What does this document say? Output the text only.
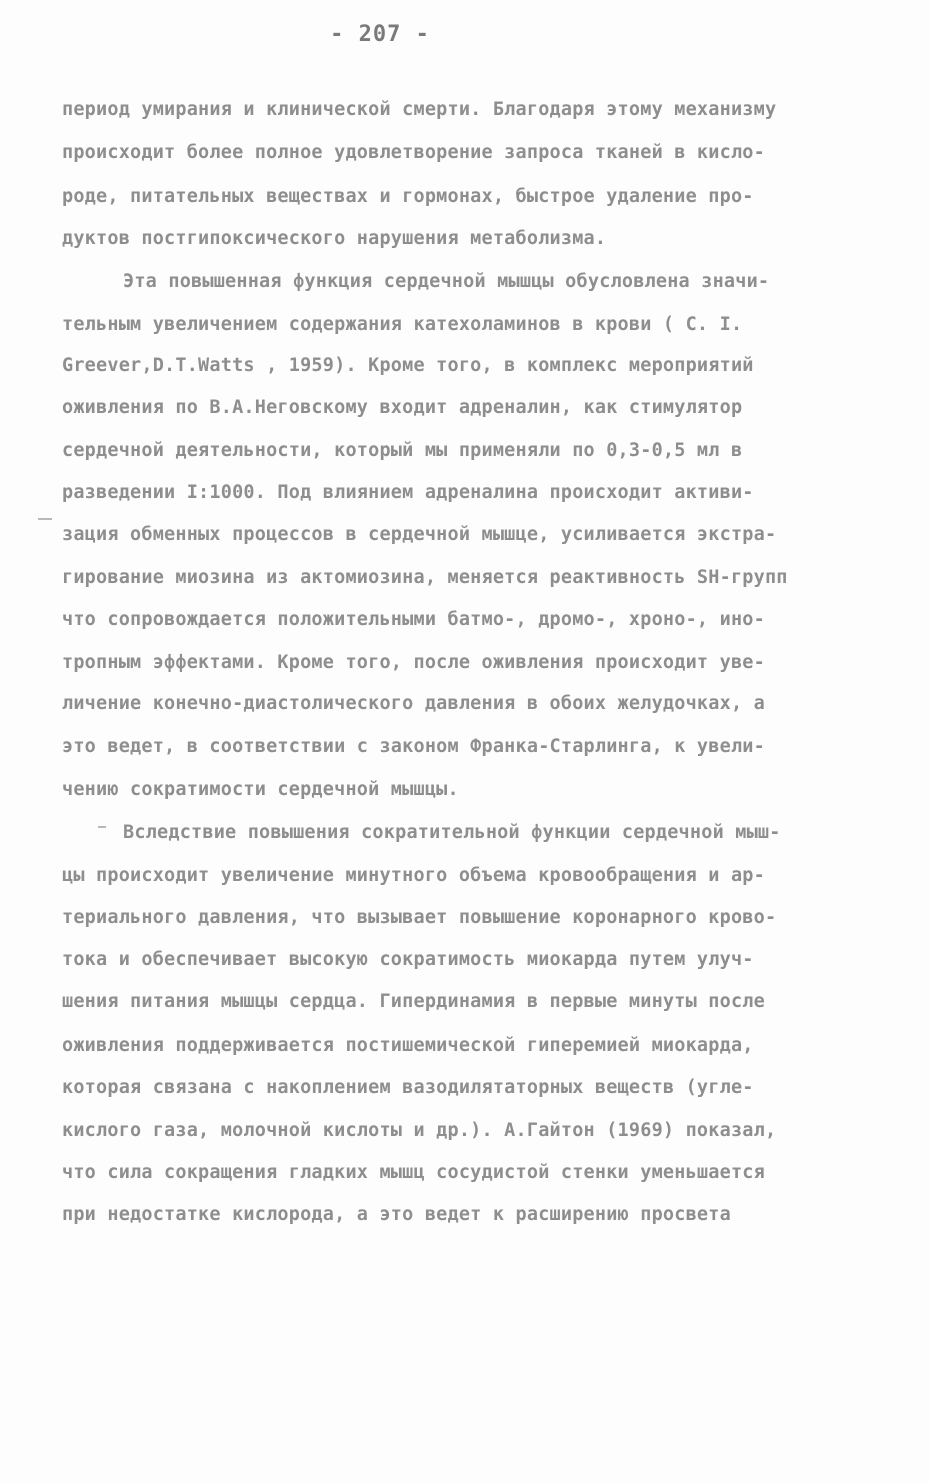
- 207 -
период умирания и клинической смерти. Благодаря этому механизму
происходит более полное удовлетворение запроса тканей в кисло-
роде, питательных веществах и гормонах, быстрое удаление про-
дуктов постгипоксического нарушения метаболизма.
Эта повышенная функция сердечной мышцы обусловлена значи-
тельным увеличением содержания катехоламинов в крови ( C. I.
Greever,D.T.Watts , 1959). Кроме того, в комплекс мероприятий
оживления по В.А.Неговскому входит адреналин, как стимулятор
сердечной деятельности, который мы применяли по 0,3-0,5 мл в
разведении I:1000. Под влиянием адреналина происходит активи-
зация обменных процессов в сердечной мышце, усиливается экстра-
гирование миозина из актомиозина, меняется реактивность SH-групп
что сопровождается положительными батмо-, дромо-, хроно-, ино-
тропным эффектами. Кроме того, после оживления происходит уве-
личение конечно-диастолического давления в обоих желудочках, а
это ведет, в соответствии с законом Франка-Старлинга, к увели-
чению сократимости сердечной мышцы.
Вследствие повышения сократительной функции сердечной мыш-
цы происходит увеличение минутного объема кровообращения и ар-
териального давления, что вызывает повышение коронарного крово-
тока и обеспечивает высокую сократимость миокарда путем улуч-
шения питания мышцы сердца. Гипердинамия в первые минуты после
оживления поддерживается постишемической гиперемией миокарда,
которая связана с накоплением вазодилятаторных веществ (угле-
кислого газа, молочной кислоты и др.). А.Гайтон (1969) показал,
что сила сокращения гладких мышц сосудистой стенки уменьшается
при недостатке кислорода, а это ведет к расширению просвета
